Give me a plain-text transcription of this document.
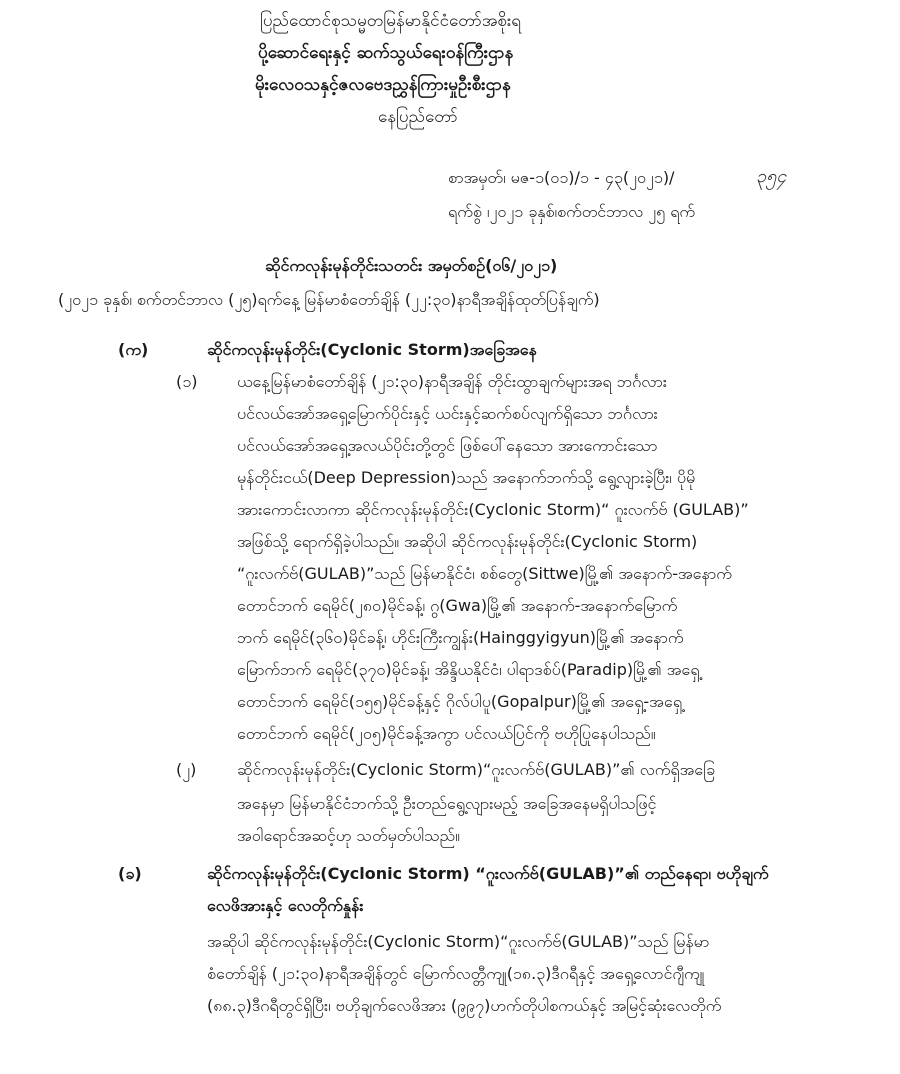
ပြည်ထောင်စုသမ္မတမြန်မာနိုင်ငံတော်အစိုးရ
ပို့ဆောင်ရေးနှင့် ဆက်သွယ်ရေးဝန်ကြီးဌာန
မိုးလေဝသနှင့်ဇလဗေဒညွှန်ကြားမှုဦးစီးဌာန
နေပြည်တော်
စာအမှတ်၊ မဇ-၁(၀၁)/၁ - ၄၃(၂၀၂၁)/	၃၅၄
ရက်စွဲ ၊၂၀၂၁ ခုနှစ်၊စက်တင်ဘာလ ၂၅ ရက်
ဆိုင်ကလုန်းမုန်တိုင်းသတင်း အမှတ်စဉ်(၀၆/၂၀၂၁)
(၂၀၂၁ ခုနှစ်၊ စက်တင်ဘာလ (၂၅)ရက်နေ့ မြန်မာစံတော်ချိန် (၂၂:၃၀)နာရီအချိန်ထုတ်ပြန်ချက်)
(က)	ဆိုင်ကလုန်းမုန်တိုင်း(Cyclonic Storm)အခြေအနေ
(၁) ယနေ့မြန်မာစံတော်ချိန် (၂၁:၃၀)နာရီအချိန် တိုင်းထွာချက်များအရ ဘင်္ဂလား
ပင်လယ်အော်အရှေ့မြောက်ပိုင်းနှင့် ယင်းနှင့်ဆက်စပ်လျက်ရှိသော ဘင်္ဂလား
ပင်လယ်အော်အရှေ့အလယ်ပိုင်းတို့တွင် ဖြစ်ပေါ်နေသော အားကောင်းသော
မုန်တိုင်းငယ်(Deep Depression)သည် အနောက်ဘက်သို့ ရွေ့လျားခဲ့ပြီး၊ ပိုမို
အားကောင်းလာကာ ဆိုင်ကလုန်းမုန်တိုင်း(Cyclonic Storm)“ ဂူးလက်ဗ် (GULAB)”
အဖြစ်သို့ ရောက်ရှိခဲ့ပါသည်။ အဆိုပါ ဆိုင်ကလုန်းမုန်တိုင်း(Cyclonic Storm)
“ဂူးလက်ဗ်(GULAB)”သည် မြန်မာနိုင်ငံ၊ စစ်တွေ(Sittwe)မြို့၏ အနောက်-အနောက်
တောင်ဘက် ရေမိုင်(၂၈၀)မိုင်ခန့်၊ ဂွ(Gwa)မြို့၏ အနောက်-အနောက်မြောက်
ဘက် ရေမိုင်(၃၆၀)မိုင်ခန့်၊ ဟိုင်းကြီးကျွန်း(Hainggyigyun)မြို့၏ အနောက်
မြောက်ဘက် ရေမိုင်(၃၇၀)မိုင်ခန့်၊ အိန္ဒိယနိုင်ငံ၊ ပါရာဒစ်ပ်(Paradip)မြို့၏ အရှေ့
တောင်ဘက် ရေမိုင်(၁၅၅)မိုင်ခန့်နှင့် ဂိုလ်ပါပူ(Gopalpur)မြို့၏ အရှေ့-အရှေ့
တောင်ဘက် ရေမိုင်(၂၀၅)မိုင်ခန့်အကွာ ပင်လယ်ပြင်ကို ဗဟိုပြုနေပါသည်။
(၂)	ဆိုင်ကလုန်းမုန်တိုင်း(Cyclonic Storm)“ဂူးလက်ဗ်(GULAB)”၏ လက်ရှိအခြေ
အနေမှာ မြန်မာနိုင်ငံဘက်သို့ ဦးတည်ရွေ့လျားမည့် အခြေအနေမရှိပါသဖြင့်
အဝါရောင်အဆင့်ဟု သတ်မှတ်ပါသည်။
(ခ)	ဆိုင်ကလုန်းမုန်တိုင်း(Cyclonic Storm) “ဂူးလက်ဗ်(GULAB)”၏ တည်နေရာ၊ ဗဟိုချက်
လေဖိအားနှင့် လေတိုက်နှုန်း
အဆိုပါ ဆိုင်ကလုန်းမုန်တိုင်း(Cyclonic Storm)“ဂူးလက်ဗ်(GULAB)”သည် မြန်မာ
စံတော်ချိန် (၂၁:၃၀)နာရီအချိန်တွင် မြောက်လတ္တီကျု(၁၈.၃)ဒီဂရီနှင့် အရှေ့လောင်ဂျီကျု
(၈၈.၃)ဒီဂရီတွင်ရှိပြီး၊ ဗဟိုချက်လေဖိအား (၉၉၇)ဟက်တိုပါစကယ်နှင့် အမြင့်ဆုံးလေတိုက်
